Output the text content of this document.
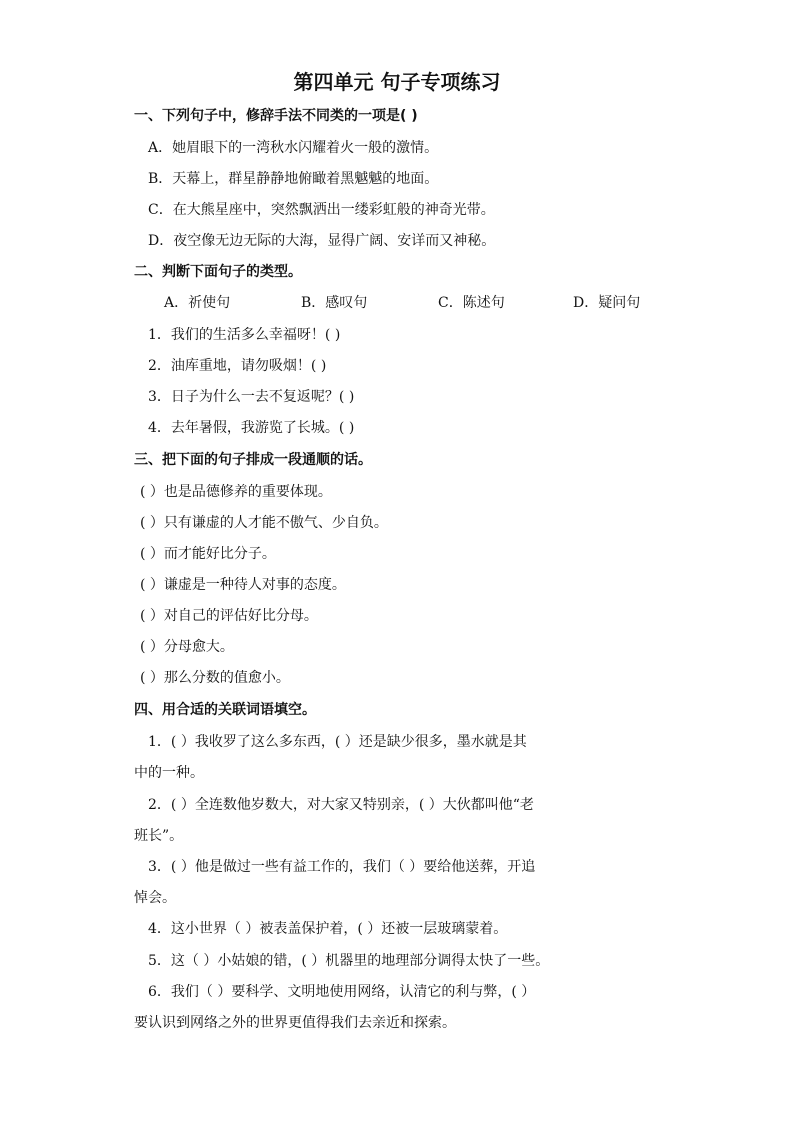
第四单元 句子专项练习
一、下列句子中，修辞手法不同类的一项是( )
A．她眉眼下的一湾秋水闪耀着火一般的激情。
B．天幕上，群星静静地俯瞰着黑魆魆的地面。
C．在大熊星座中，突然飘洒出一缕彩虹般的神奇光带。
D．夜空像无边无际的大海，显得广阔、安详而又神秘。
二、判断下面句子的类型。
A．祈使句	B．感叹句	C．陈述句	D．疑问句
1．我们的生活多么幸福呀！( )
2．油库重地，请勿吸烟！( )
3．日子为什么一去不复返呢？( )
4．去年暑假，我游览了长城。( )
三、把下面的句子排成一段通顺的话。
( ）也是品德修养的重要体现。
( ）只有谦虚的人才能不傲气、少自负。
( ）而才能好比分子。
( ）谦虚是一种待人对事的态度。
( ）对自己的评估好比分母。
( ）分母愈大。
( ）那么分数的值愈小。
四、用合适的关联词语填空。
1．( ）我收罗了这么多东西，( ）还是缺少很多，墨水就是其
中的一种。
2．( ）全连数他岁数大，对大家又特别亲，( ）大伙都叫他“老
班长”。
3．( ）他是做过一些有益工作的，我们（ ）要给他送葬，开追
悼会。
4．这小世界（ ）被表盖保护着，( ）还被一层玻璃蒙着。
5．这（ ）小姑娘的错，( ）机器里的地理部分调得太快了一些。
6．我们（ ）要科学、文明地使用网络，认清它的利与弊，( ）
要认识到网络之外的世界更值得我们去亲近和探索。
